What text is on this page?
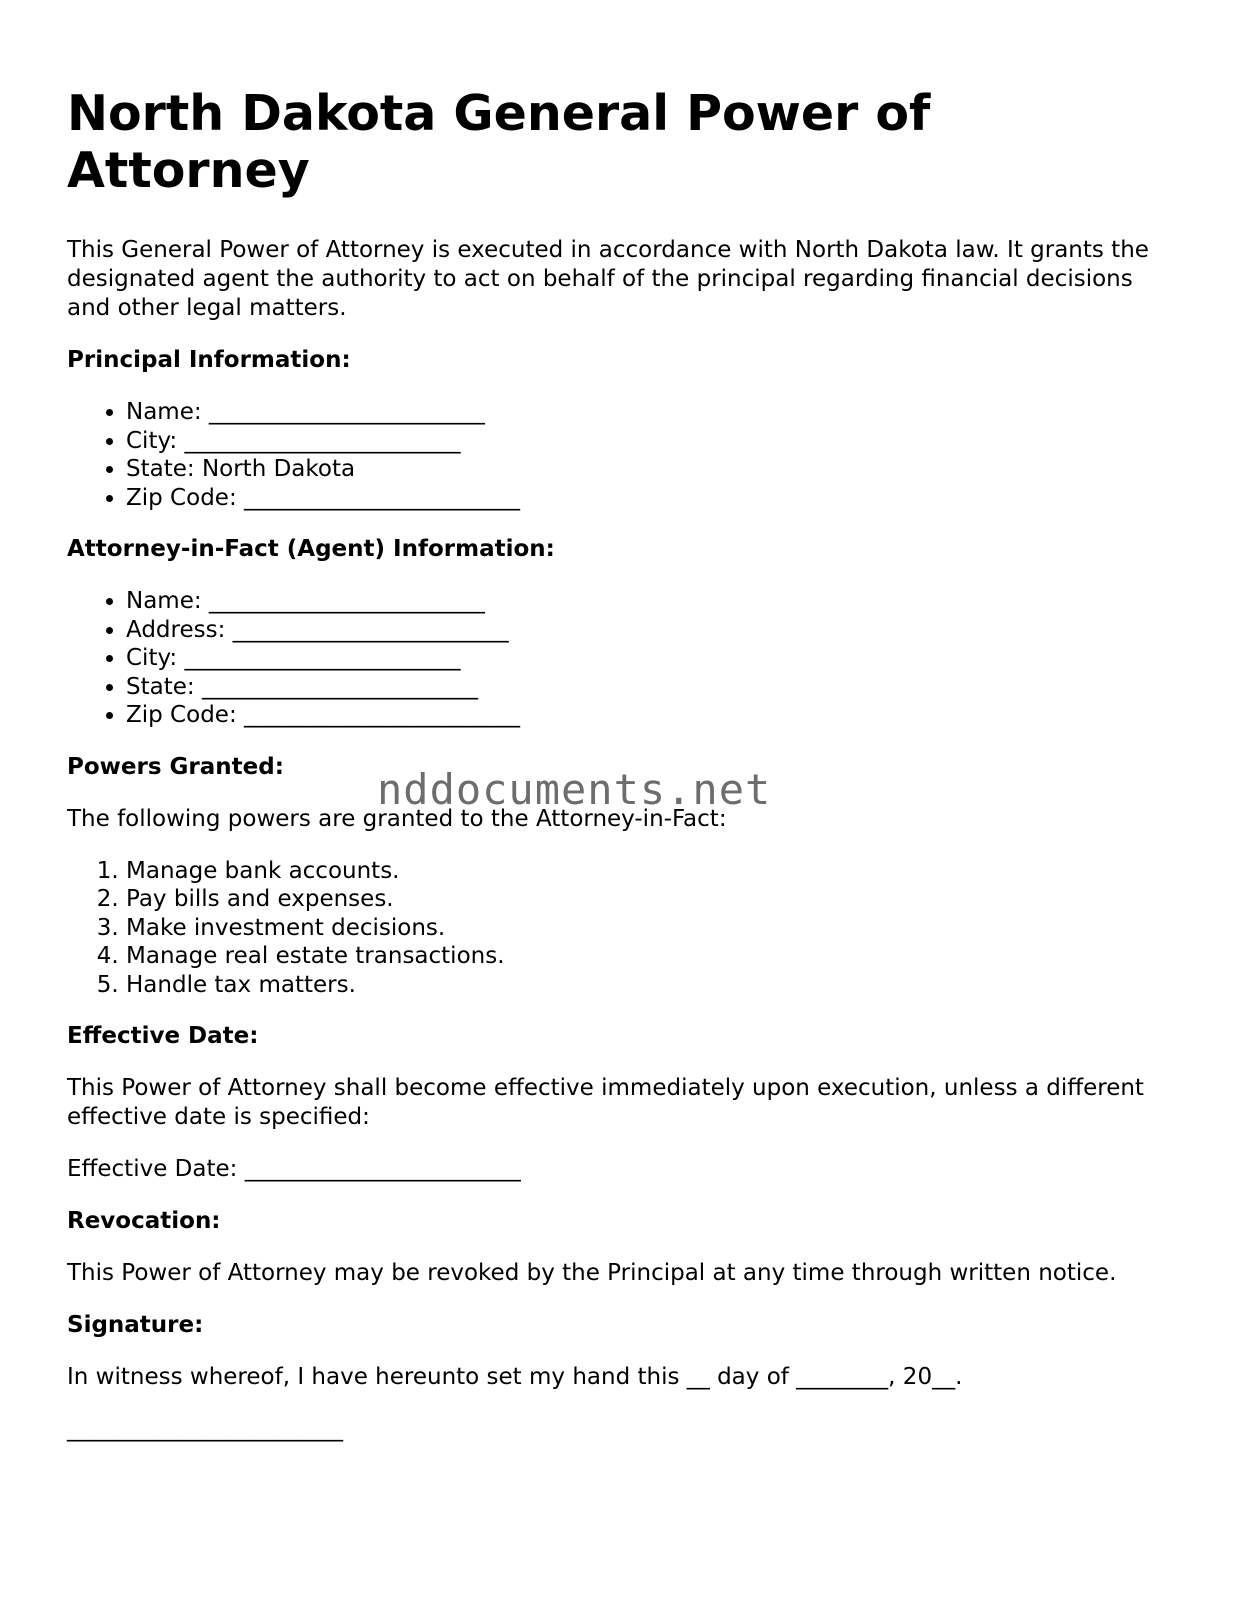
North Dakota General Power of Attorney

This General Power of Attorney is executed in accordance with North Dakota law. It grants the designated agent the authority to act on behalf of the principal regarding financial decisions and other legal matters.

Principal Information:
• Name: ________________________
• City: ________________________
• State: North Dakota
• Zip Code: ________________________
Attorney-in-Fact (Agent) Information:
• Name: ________________________
• Address: ________________________
• City: ________________________
• State: ________________________
• Zip Code: ________________________
Powers Granted:

The following powers are granted to the Attorney-in-Fact:

1. Manage bank accounts.
2. Pay bills and expenses.
3. Make investment decisions.
4. Manage real estate transactions.
5. Handle tax matters.
Effective Date:

This Power of Attorney shall become effective immediately upon execution, unless a different effective date is specified:

Effective Date: ________________________

Revocation:

This Power of Attorney may be revoked by the Principal at any time through written notice.

Signature:

In witness whereof, I have hereunto set my hand this __ day of ________, 20__.

________________________

nddocuments.net
